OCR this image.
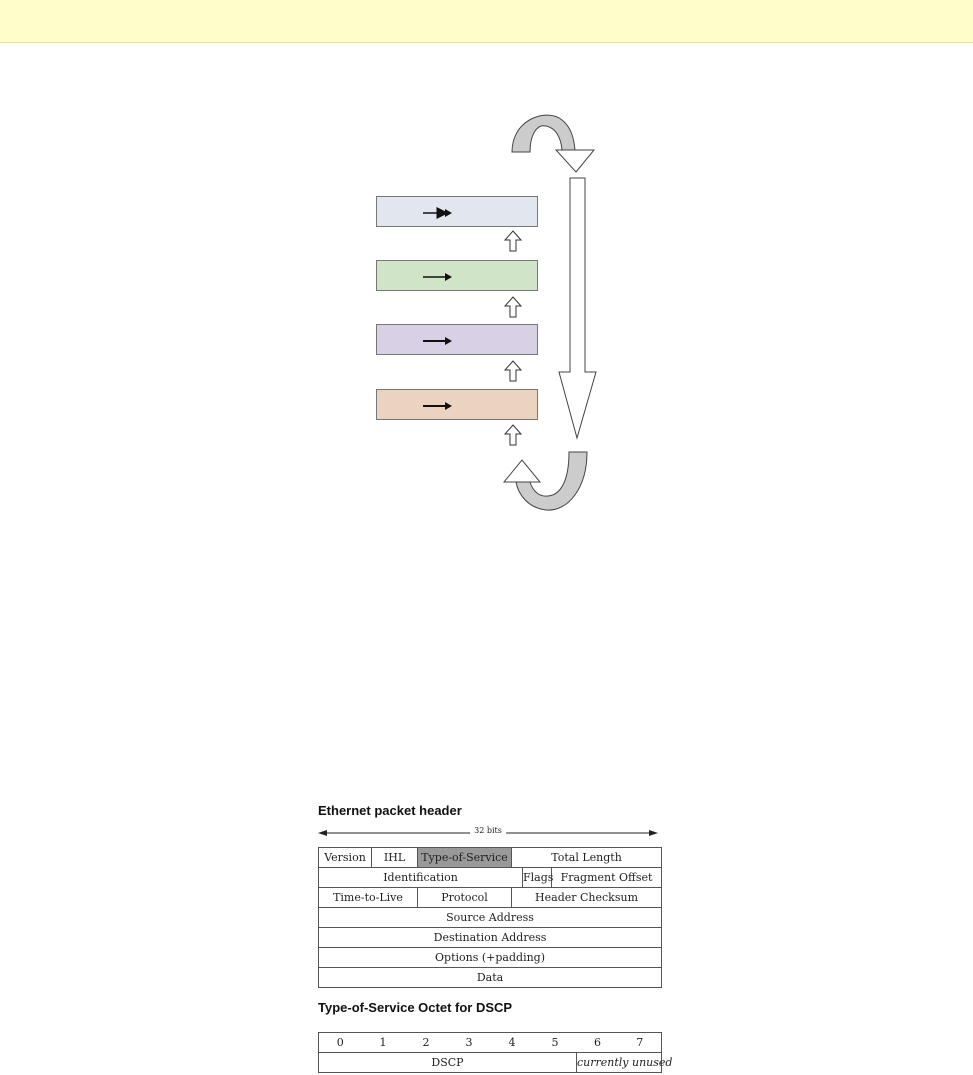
Ethernet packet header
32 bits
Version	IHL	Type-of-Service	Total Length		
Identification				Flags	Fragment Offset
Time-to-Live		Protocol	Header Checksum		
Source Address					
Destination Address					
Options (+padding)					
Data					
Type-of-Service Octet for DSCP
0	1	2	3	4	5	6	7
DSCP						currently unused	
